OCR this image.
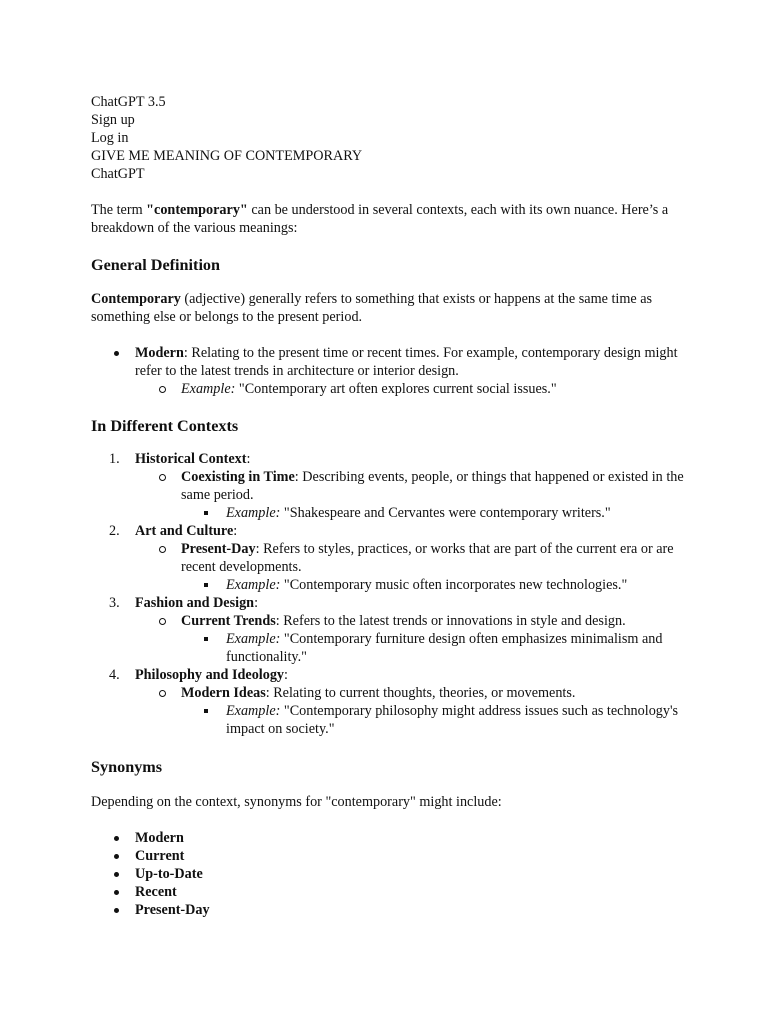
ChatGPT 3.5
Sign up
Log in
GIVE ME MEANING OF CONTEMPORARY
ChatGPT

The term "contemporary" can be understood in several contexts, each with its own nuance. Here’s a breakdown of the various meanings:

General Definition

Contemporary (adjective) generally refers to something that exists or happens at the same time as something else or belongs to the present period.

Modern: Relating to the present time or recent times. For example, contemporary design might refer to the latest trends in architecture or interior design.
Example: "Contemporary art often explores current social issues."
In Different Contexts
1. Historical Context:
Coexisting in Time: Describing events, people, or things that happened or existed in the same period.
Example: "Shakespeare and Cervantes were contemporary writers."
2. Art and Culture:
Present-Day: Refers to styles, practices, or works that are part of the current era or are recent developments.
Example: "Contemporary music often incorporates new technologies."
3. Fashion and Design:
Current Trends: Refers to the latest trends or innovations in style and design.
Example: "Contemporary furniture design often emphasizes minimalism and functionality."
4. Philosophy and Ideology:
Modern Ideas: Relating to current thoughts, theories, or movements.
Example: "Contemporary philosophy might address issues such as technology's impact on society."
Synonyms

Depending on the context, synonyms for "contemporary" might include:

Modern
Current
Up-to-Date
Recent
Present-Day
